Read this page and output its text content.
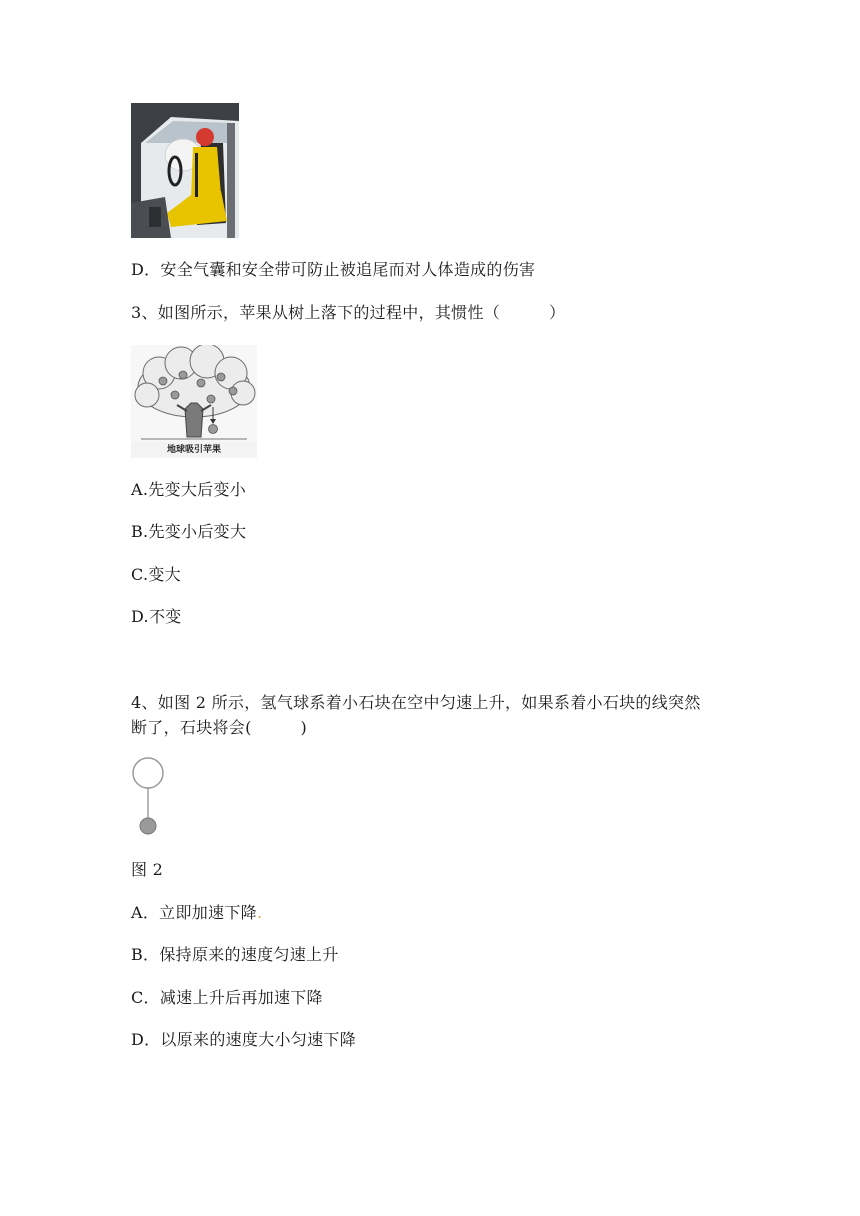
D．安全气囊和安全带可防止被追尾而对人体造成的伤害
3、如图所示，苹果从树上落下的过程中，其惯性（　　　）
地球吸引苹果
A.先变大后变小
B.先变小后变大
C.变大
D.不变
4、如图 2 所示，氢气球系着小石块在空中匀速上升，如果系着小石块的线突然
断了，石块将会(　　　)
图 2
A．立即加速下降.
B．保持原来的速度匀速上升
C．减速上升后再加速下降
D．以原来的速度大小匀速下降
